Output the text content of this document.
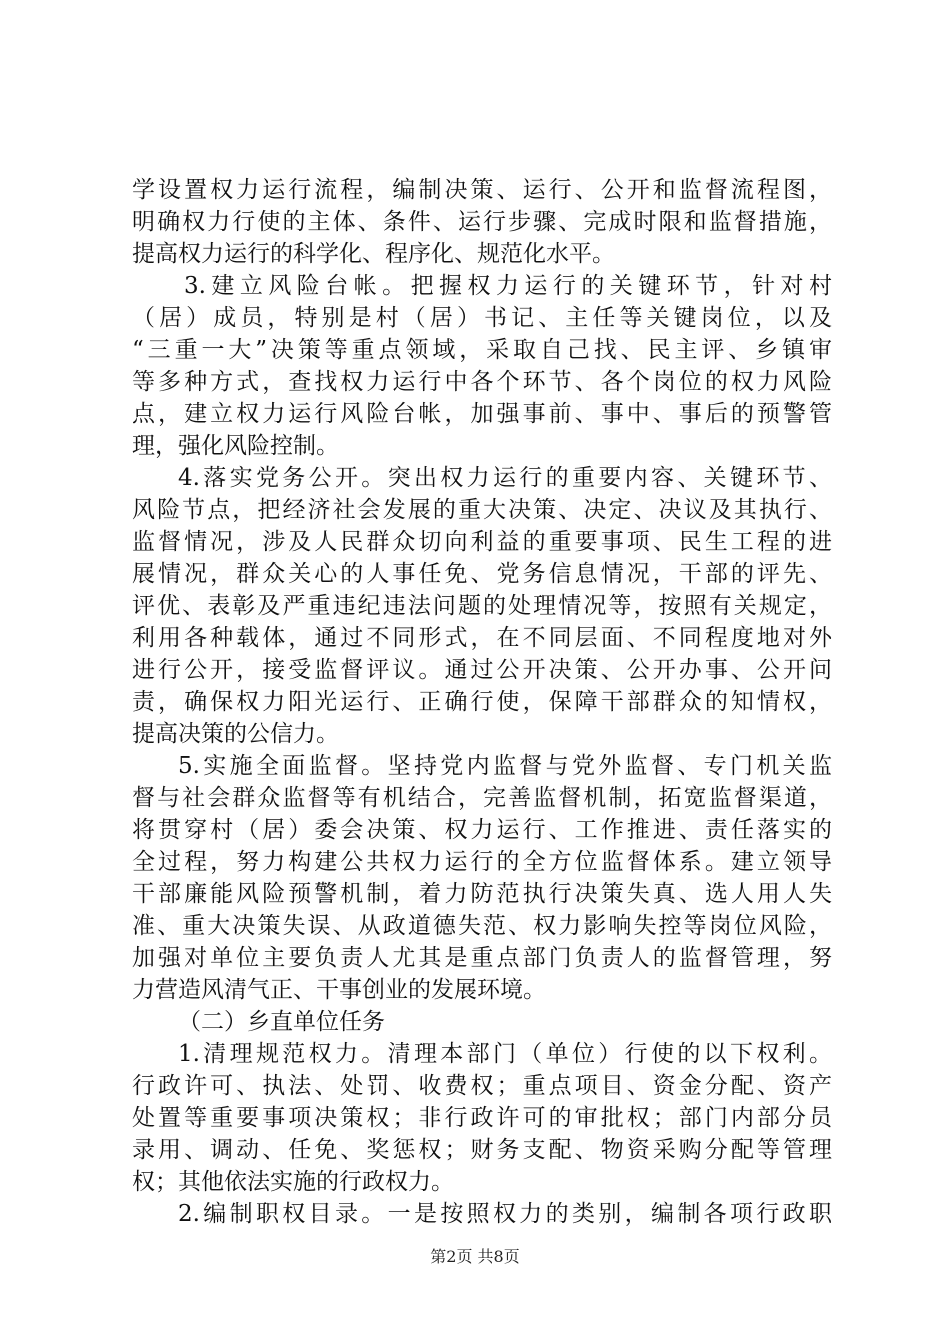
学设置权力运行流程，编制决策、运行、公开和监督流程图，
明确权力行使的主体、条件、运行步骤、完成时限和监督措施，
提高权力运行的科学化、程序化、规范化水平。
3.建立风险台帐。把握权力运行的关键环节，针对村
（居）成员，特别是村（居）书记、主任等关键岗位，以及
“三重一大”决策等重点领域，采取自己找、民主评、乡镇审
等多种方式，查找权力运行中各个环节、各个岗位的权力风险
点，建立权力运行风险台帐，加强事前、事中、事后的预警管
理，强化风险控制。
4.落实党务公开。突出权力运行的重要内容、关键环节、
风险节点，把经济社会发展的重大决策、决定、决议及其执行、
监督情况，涉及人民群众切向利益的重要事项、民生工程的进
展情况，群众关心的人事任免、党务信息情况，干部的评先、
评优、表彰及严重违纪违法问题的处理情况等，按照有关规定，
利用各种载体，通过不同形式，在不同层面、不同程度地对外
进行公开，接受监督评议。通过公开决策、公开办事、公开问
责，确保权力阳光运行、正确行使，保障干部群众的知情权，
提高决策的公信力。
5.实施全面监督。坚持党内监督与党外监督、专门机关监
督与社会群众监督等有机结合，完善监督机制，拓宽监督渠道，
将贯穿村（居）委会决策、权力运行、工作推进、责任落实的
全过程，努力构建公共权力运行的全方位监督体系。建立领导
干部廉能风险预警机制，着力防范执行决策失真、选人用人失
准、重大决策失误、从政道德失范、权力影响失控等岗位风险，
加强对单位主要负责人尤其是重点部门负责人的监督管理，努
力营造风清气正、干事创业的发展环境。
（二）乡直单位任务
1.清理规范权力。清理本部门（单位）行使的以下权利。
行政许可、执法、处罚、收费权；重点项目、资金分配、资产
处置等重要事项决策权；非行政许可的审批权；部门内部分员
录用、调动、任免、奖惩权；财务支配、物资采购分配等管理
权；其他依法实施的行政权力。
2.编制职权目录。一是按照权力的类别，编制各项行政职
第2页 共8页
